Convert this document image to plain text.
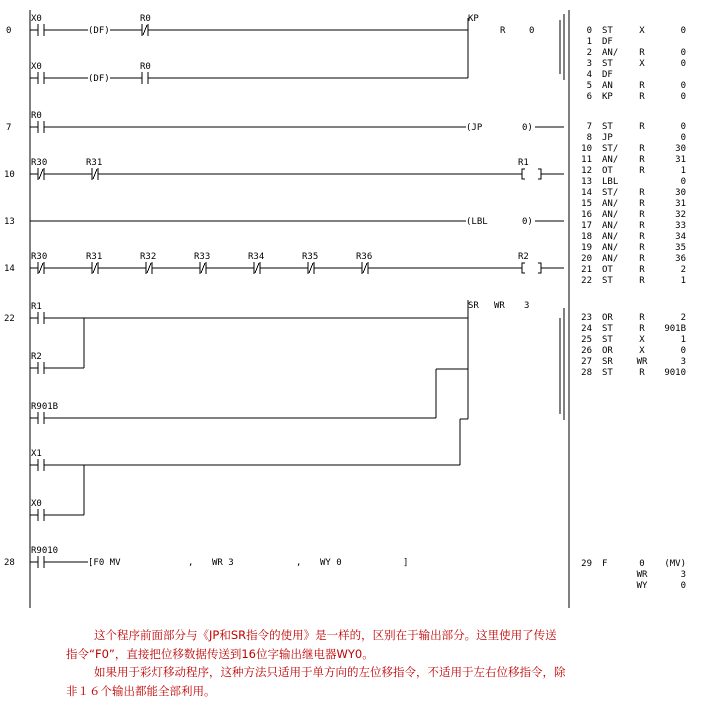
0
7
10
13
14
22
28
X0
(DF)
R0	KP
R	0
X0
(DF)
R0
R0
(JP	0)
R30	R31	R1
(LBL	0)
R30	R31	R32	R33	R34	R35	R36	R2
SR WR 3
R1
R2
R901B
X1
X0
R9010
[F0 MV	, WR 3	, WY 0	]
0 ST	X	0
1 DF
2 AN/	R	0
3 ST	X	0
4 DF
5 AN	R	0
6 KP	R	0
7 ST	R	0
8 JP	0
10 ST/	R	30
11 AN/	R	31
12 OT	R	1
13 LBL	0
14 ST/	R	30
15 AN/	R	31
16 AN/	R	32
17 AN/	R	33
18 AN/	R	34
19 AN/	R	35
20 AN/	R	36
21 OT	R	2
22 ST	R	1
23 OR	R	2
24 ST	R	901B
25 ST	X	1
26 OR	X	0
27 SR	WR	3
28 ST	R	9010
29 F	0	(MV)
WR	3
WY	0

这个程序前面部分与《JP和SR指令的使用》是一样的，区别在于输出部分。这里使用了传送

指令“F0”，直接把位移数据传送到16位字输出继电器WY0。

如果用于彩灯移动程序，这种方法只适用于单方向的左位移指令，不适用于左右位移指令，除

非１６个输出都能全部利用。
